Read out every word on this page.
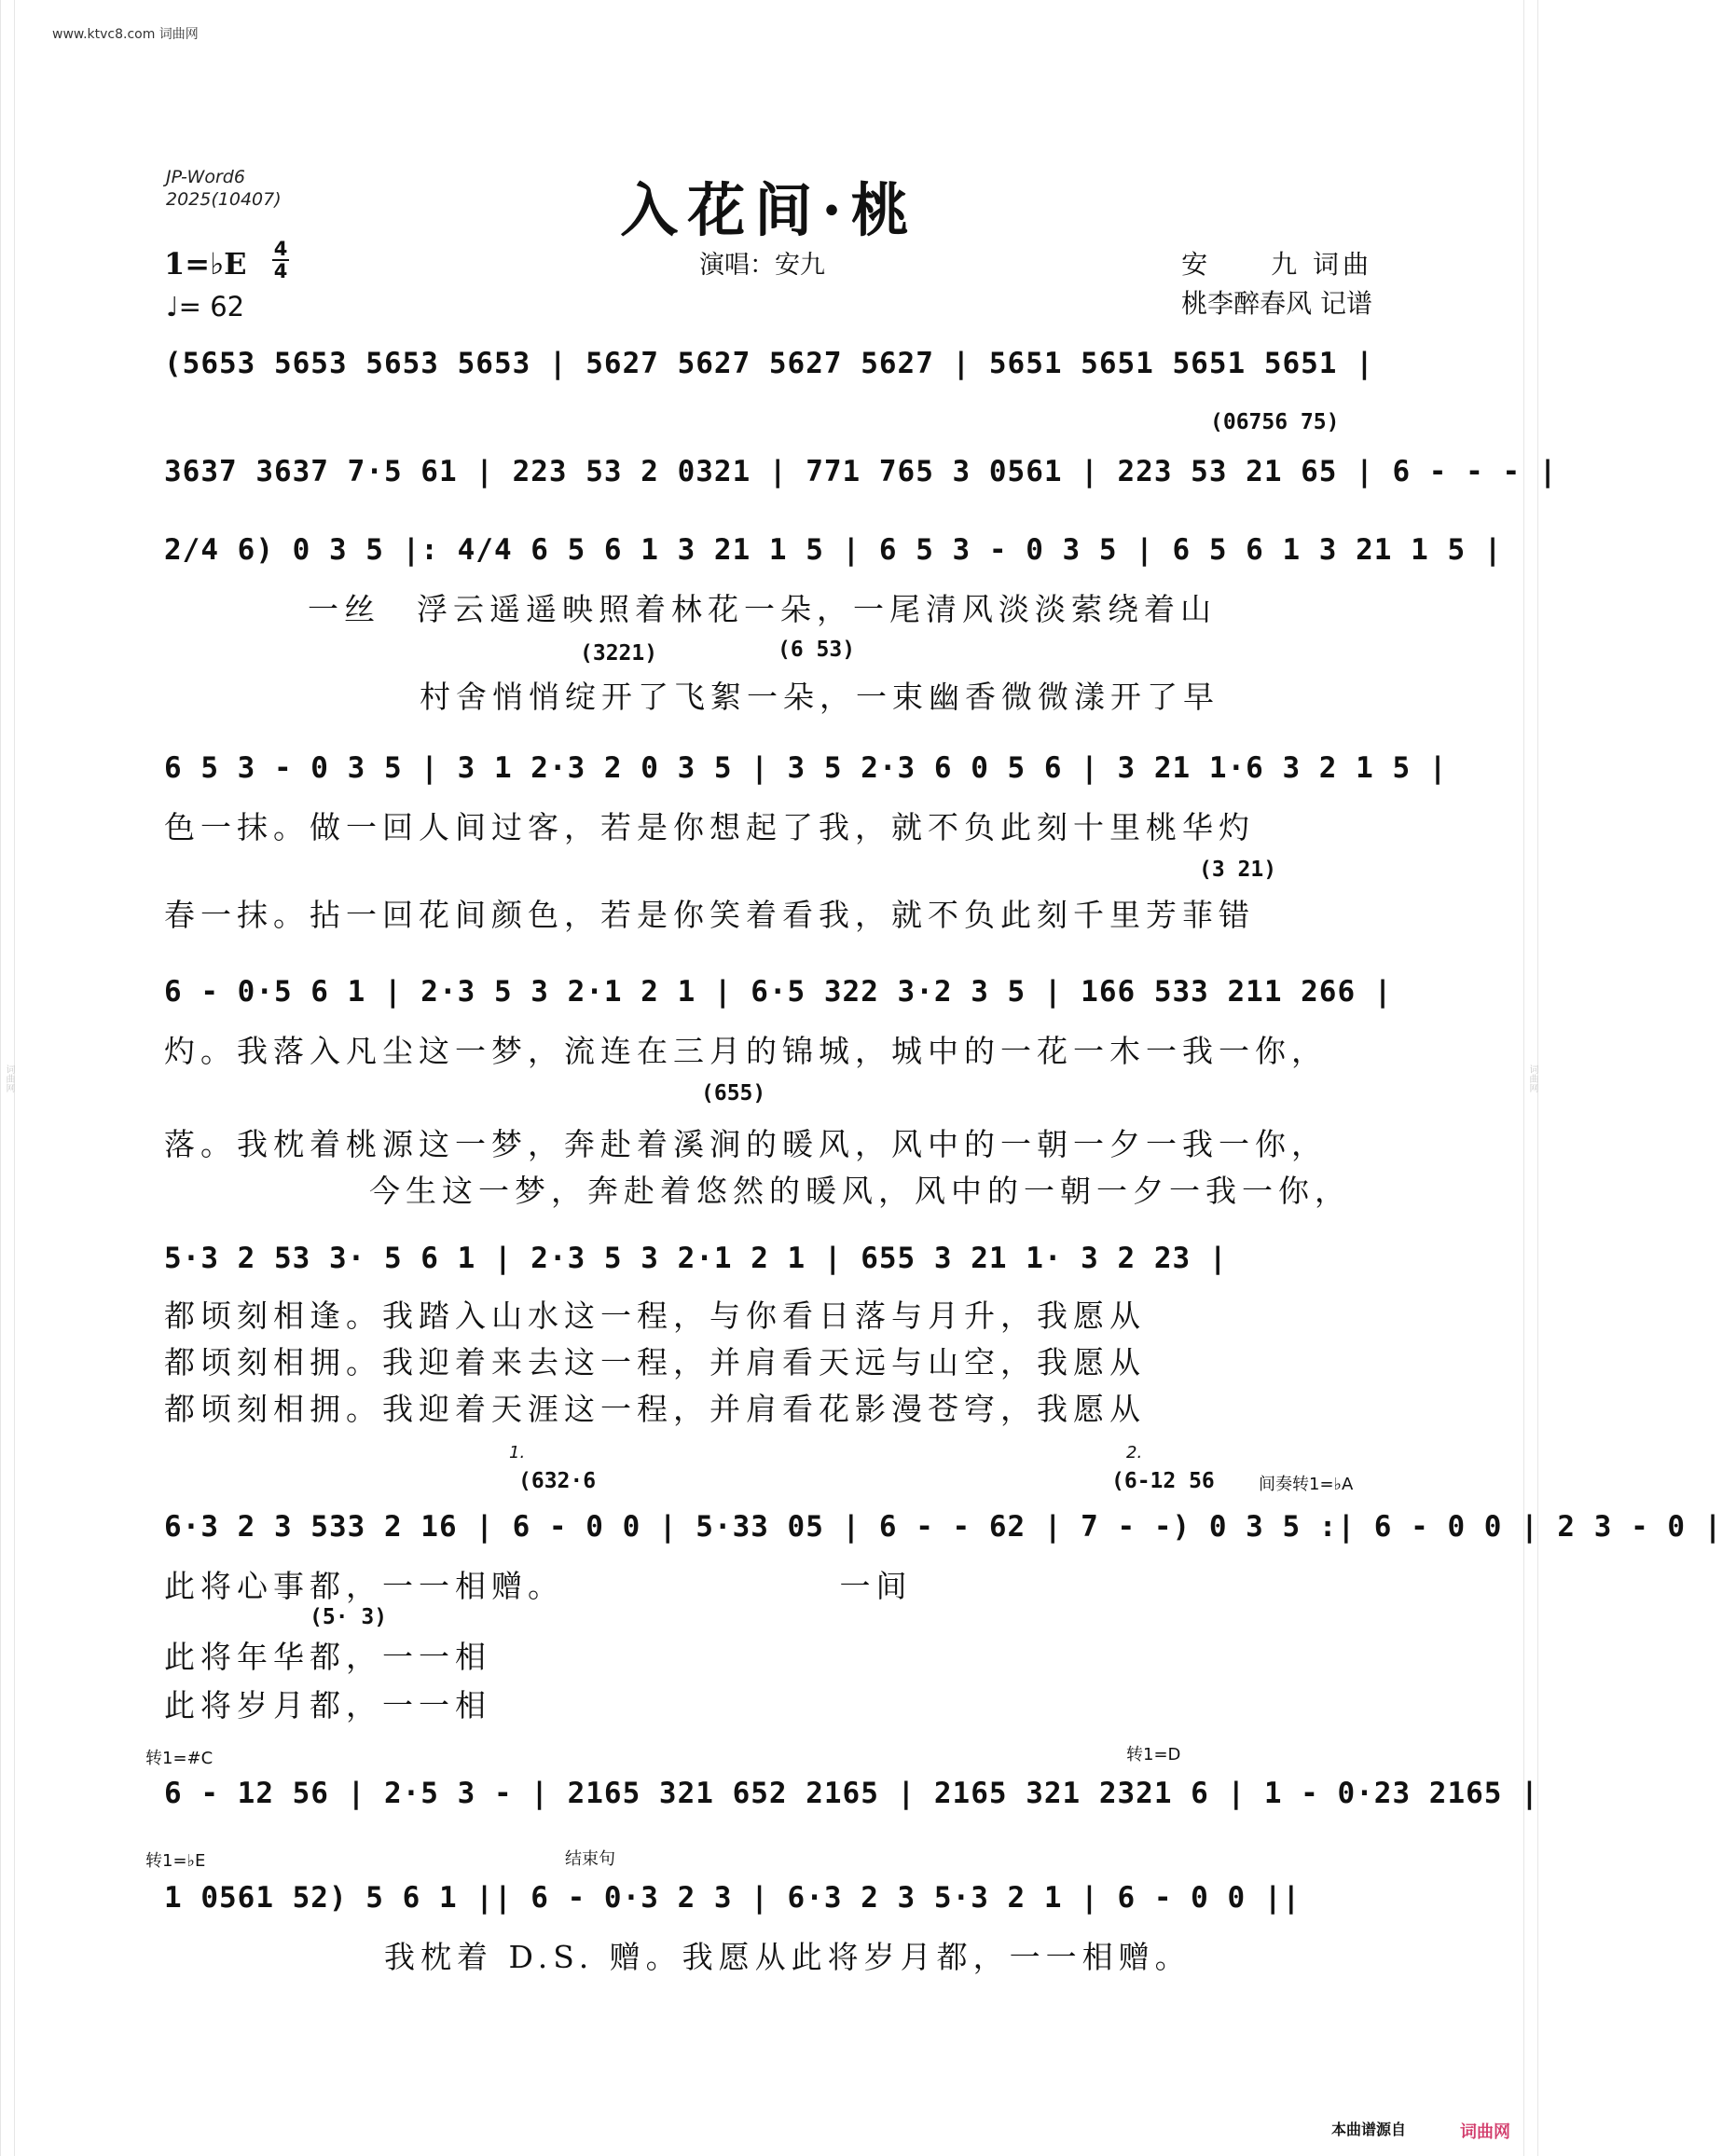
词曲网	词曲网
www.ktvc8.com 词曲网
入花间·桃
JP-Word6
2025(10407)
1=♭E 4
4
♩= 62
演唱：安九	安　　九 词曲
桃李醉春风 记谱
(06756 75)
(3221)	(6 53)
(3 21)
(655)
(632·6	(6-12 56
(5· 3)
间奏转1=♭A
转1=#C	转1=D
转1=♭E	结束句
1.	2.
(5653 5653 5653 5653 | 5627 5627 5627 5627 | 5651 5651 5651 5651 |
3637 3637 7·5 61 | 223 53 2 0321 | 771 765 3 0561 | 223 53 21 65 | 6 - - - |
2/4 6) 0 3 5 |: 4/4 6 5 6 1 3 21 1 5 | 6 5 3 - 0 3 5 | 6 5 6 1 3 21 1 5 |
6 5 3 - 0 3 5 | 3 1 2·3 2 0 3 5 | 3 5 2·3 6 0 5 6 | 3 21 1·6 3 2 1 5 |
6 - 0·5 6 1 | 2·3 5 3 2·1 2 1 | 6·5 322 3·2 3 5 | 166 533 211 266 |
5·3 2 53 3· 5 6 1 | 2·3 5 3 2·1 2 1 | 655 3 21 1· 3 2 23 |
6·3 2 3 533 2 16 | 6 - 0 0 | 5·33 05 | 6 - - 62 | 7 - -) 0 3 5 :| 6 - 0 0 | 2 3 - 0 |
6 - 12 56 | 2·5 3 - | 2165 321 652 2165 | 2165 321 2321 6 | 1 - 0·23 2165 |
1 0561 52) 5 6 1 || 6 - 0·3 2 3 | 6·3 2 3 5·3 2 1 | 6 - 0 0 ||
一丝　浮云遥遥映照着林花一朵，一尾清风淡淡萦绕着山
村舍悄悄绽开了飞絮一朵，一束幽香微微漾开了早
色一抹。做一回人间过客，若是你想起了我，就不负此刻十里桃华灼
春一抹。拈一回花间颜色，若是你笑着看我，就不负此刻千里芳菲错
灼。我落入凡尘这一梦，流连在三月的锦城，城中的一花一木一我一你，
落。我枕着桃源这一梦，奔赴着溪涧的暖风，风中的一朝一夕一我一你，
今生这一梦，奔赴着悠然的暖风，风中的一朝一夕一我一你，
都顷刻相逢。我踏入山水这一程，与你看日落与月升，我愿从
都顷刻相拥。我迎着来去这一程，并肩看天远与山空，我愿从
都顷刻相拥。我迎着天涯这一程，并肩看花影漫苍穹，我愿从
此将心事都，一一相赠。　　　　　　　　一间
此将年华都，一一相
此将岁月都，一一相
我枕着 D.S. 赠。我愿从此将岁月都，一一相赠。
本曲谱源自	词曲网
